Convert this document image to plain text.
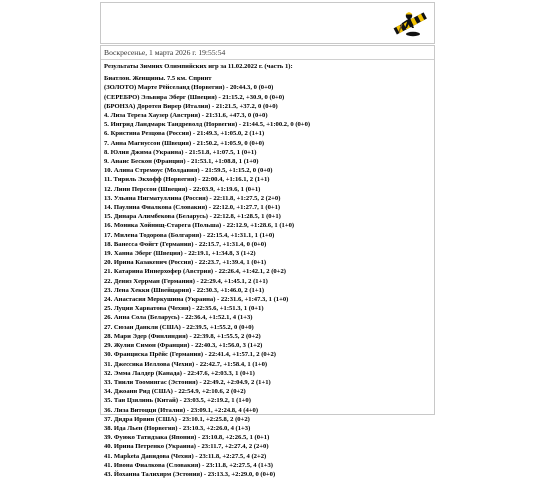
Воскресенье, 1 марта 2026 г. 19:55:54
Результаты Зимних Олимпийских игр за 11.02.2022 г. (часть 1):
Биатлон. Женщины. 7.5 км. Спринт
(ЗОЛОТО) Марте Рёйселанд (Норвегия) - 20:44.3, 0 (0+0)
(СЕРЕБРО) Эльвира Эберг (Швеция) - 21:15.2, +30.9, 0 (0+0)
(БРОНЗА) Доротея Вирер (Италия) - 21:21.5, +37.2, 0 (0+0)
4. Лиза Тереза Хаузер (Австрия) - 21:31.6, +47.3, 0 (0+0)
5. Ингрид Ландмарк Тандреволд (Норвегия) - 21:44.5, +1:00.2, 0 (0+0)
6. Кристина Резцова (Россия) - 21:49.3, +1:05.0, 2 (1+1)
7. Анна Магнуссон (Швеция) - 21:50.2, +1:05.9, 0 (0+0)
8. Юлия Джима (Украина) - 21:51.8, +1:07.5, 1 (0+1)
9. Анаис Бескон (Франция) - 21:53.1, +1:08.8, 1 (1+0)
10. Алина Стремоус (Молдавия) - 21:59.5, +1:15.2, 0 (0+0)
11. Тириль Экхофф (Норвегия) - 22:00.4, +1:16.1, 2 (1+1)
12. Линн Перссон (Швеция) - 22:03.9, +1:19.6, 1 (0+1)
13. Ульяна Нигматуллина (Россия) - 22:11.8, +1:27.5, 2 (2+0)
14. Паулина Фиалкова (Словакия) - 22:12.0, +1:27.7, 1 (0+1)
15. Динара Алимбекова (Беларусь) - 22:12.8, +1:28.5, 1 (0+1)
16. Моника Хойнищ-Старега (Польша) - 22:12.9, +1:28.6, 1 (1+0)
17. Милена Тодорова (Болгария) - 22:15.4, +1:31.1, 1 (1+0)
18. Ванесса Фойгт (Германия) - 22:15.7, +1:31.4, 0 (0+0)
19. Ханна Эберг (Швеция) - 22:19.1, +1:34.8, 3 (1+2)
20. Ирина Казакевич (Россия) - 22:23.7, +1:39.4, 1 (0+1)
21. Катарина Иннерхофер (Австрия) - 22:26.4, +1:42.1, 2 (0+2)
22. Дениз Херрман (Германия) - 22:29.4, +1:45.1, 2 (1+1)
23. Лена Хекки (Швейцария) - 22:30.3, +1:46.0, 2 (1+1)
24. Анастасия Меркушина (Украина) - 22:31.6, +1:47.3, 1 (1+0)
25. Луция Харватова (Чехия) - 22:35.6, +1:51.3, 1 (0+1)
26. Анна Сола (Беларусь) - 22:36.4, +1:52.1, 4 (1+3)
27. Сюзан Данкли (США) - 22:39.5, +1:55.2, 0 (0+0)
28. Мари Эдер (Финляндия) - 22:39.8, +1:55.5, 2 (0+2)
29. Жулия Симон (Франция) - 22:40.3, +1:56.0, 3 (1+2)
30. Франциска Прёйс (Германия) - 22:41.4, +1:57.1, 2 (0+2)
31. Джессика Иеллова (Чехия) - 22:42.7, +1:58.4, 1 (1+0)
32. Эмма Лалдер (Канада) - 22:47.6, +2:03.3, 1 (0+1)
33. Тиили Тоомингас (Эстония) - 22:49.2, +2:04.9, 2 (1+1)
34. Джоанн Рид (США) - 22:54.9, +2:10.6, 2 (0+2)
35. Тан Цзялинь (Китай) - 23:03.5, +2:19.2, 1 (1+0)
36. Лиза Витоцци (Италия) - 23:09.1, +2:24.8, 4 (4+0)
37. Дидра Ирвин (США) - 23:10.1, +2:25.8, 2 (0+2)
38. Ида Льен (Норвегия) - 23:10.3, +2:26.0, 4 (1+3)
39. Фуюко Татидзака (Япония) - 23:10.8, +2:26.5, 1 (0+1)
40. Ирина Петренко (Украина) - 23:11.7, +2:27.4, 2 (2+0)
41. Марketa Давидова (Чехия) - 23:11.8, +2:27.5, 4 (2+2)
41. Ивона Фиалкова (Словакия) - 23:11.8, +2:27.5, 4 (1+3)
43. Йоханна Талихярм (Эстония) - 23:13.3, +2:29.0, 0 (0+0)
